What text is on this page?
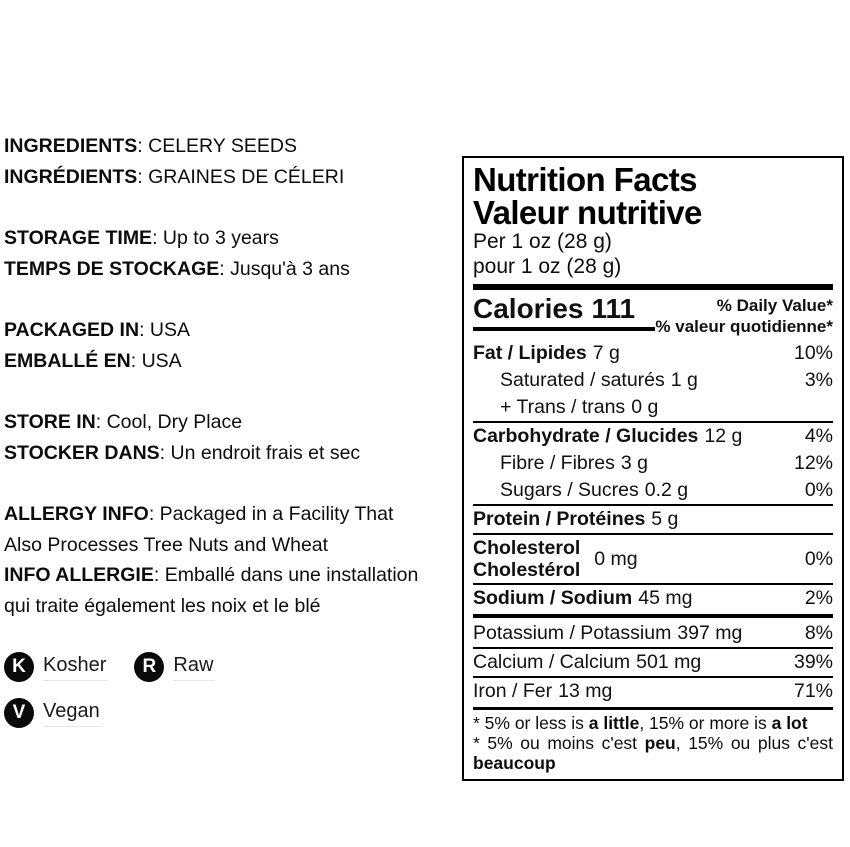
INGREDIENTS: CELERY SEEDS
INGRÉDIENTS: GRAINES DE CÉLERI
STORAGE TIME: Up to 3 years
TEMPS DE STOCKAGE: Jusqu'à 3 ans
PACKAGED IN: USA
EMBALLÉ EN: USA
STORE IN: Cool, Dry Place
STOCKER DANS: Un endroit frais et sec
ALLERGY INFO: Packaged in a Facility That
Also Processes Tree Nuts and Wheat
INFO ALLERGIE: Emballé dans une installation
qui traite également les noix et le blé
K Kosher	R Raw
V Vegan
Nutrition Facts
Valeur nutritive
Per 1 oz (28 g)
pour 1 oz (28 g)
Calories 111	% Daily Value*
% valeur quotidienne*
Fat / Lipides 7 g	10%
Saturated / saturés 1 g	3%
+ Trans / trans 0 g
Carbohydrate / Glucides 12 g	4%
Fibre / Fibres 3 g	12%
Sugars / Sucres 0.2 g	0%
Protein / Protéines 5 g
Cholesterol
Cholestérol
0 mg	0%
Sodium / Sodium 45 mg	2%
Potassium / Potassium 397 mg	8%
Calcium / Calcium 501 mg	39%
Iron / Fer 13 mg	71%
* 5% or less is a little, 15% or more is a lot
* 5% ou moins c'est peu, 15% ou plus c'est beaucoup
